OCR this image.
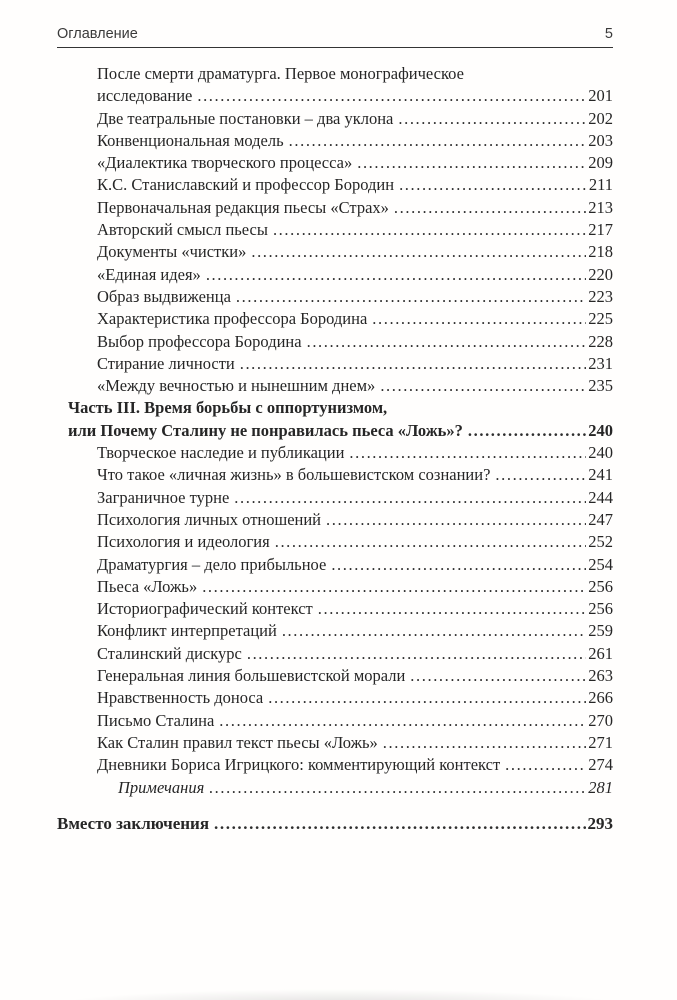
Оглавление	5
После смерти драматурга. Первое монографическое
исследование .....	201
Две театральные постановки – два уклона .....	202
Конвенциональная модель .....	203
«Диалектика творческого процесса» .....	209
К.С. Станиславский и профессор Бородин .....	211
Первоначальная редакция пьесы «Страх» .....	213
Авторский смысл пьесы .....	217
Документы «чистки» .....	218
«Единая идея» .....	220
Образ выдвиженца .....	223
Характеристика профессора Бородина .....	225
Выбор профессора Бородина .....	228
Стирание личности .....	231
«Между вечностью и нынешним днем» .....	235
Часть III. Время борьбы с оппортунизмом,
или Почему Сталину не понравилась пьеса «Ложь»? .....	240
Творческое наследие и публикации .....	240
Что такое «личная жизнь» в большевистском сознании? .....	241
Заграничное турне .....	244
Психология личных отношений .....	247
Психология и идеология .....	252
Драматургия – дело прибыльное .....	254
Пьеса «Ложь» .....	256
Историографический контекст .....	256
Конфликт интерпретаций .....	259
Сталинский дискурс .....	261
Генеральная линия большевистской морали .....	263
Нравственность доноса .....	266
Письмо Сталина .....	270
Как Сталин правил текст пьесы «Ложь» .....	271
Дневники Бориса Игрицкого: комментирующий контекст .....	274
Примечания .....	281
Вместо заключения .....	293
